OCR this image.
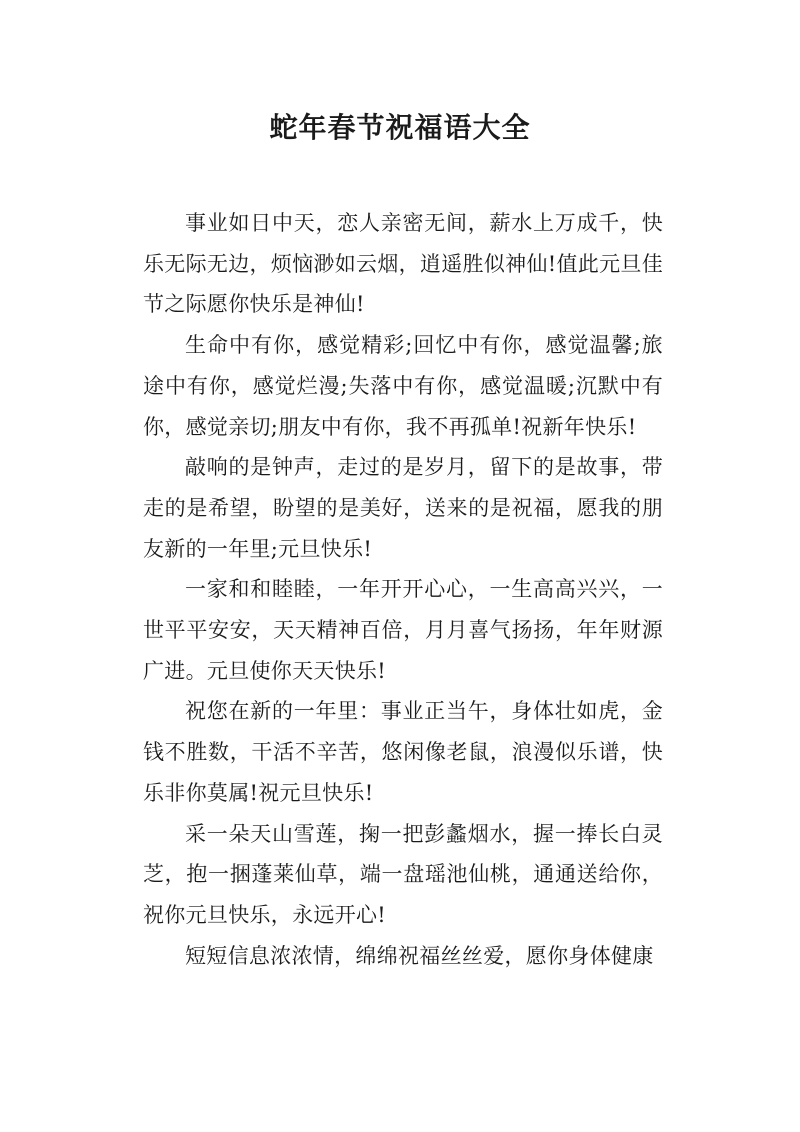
蛇年春节祝福语大全

事业如日中天，恋人亲密无间，薪水上万成千，快乐无际无边，烦恼渺如云烟，逍遥胜似神仙!值此元旦佳节之际愿你快乐是神仙!

生命中有你，感觉精彩;回忆中有你，感觉温馨;旅途中有你，感觉烂漫;失落中有你，感觉温暖;沉默中有你，感觉亲切;朋友中有你，我不再孤单!祝新年快乐!

敲响的是钟声，走过的是岁月，留下的是故事，带走的是希望，盼望的是美好，送来的是祝福，愿我的朋友新的一年里;元旦快乐!

一家和和睦睦，一年开开心心，一生高高兴兴，一世平平安安，天天精神百倍，月月喜气扬扬，年年财源广进。元旦使你天天快乐!

祝您在新的一年里：事业正当午，身体壮如虎，金钱不胜数，干活不辛苦，悠闲像老鼠，浪漫似乐谱，快乐非你莫属!祝元旦快乐!

采一朵天山雪莲，掬一把彭蠡烟水，握一捧长白灵芝，抱一捆蓬莱仙草，端一盘瑶池仙桃，通通送给你，祝你元旦快乐，永远开心!

短短信息浓浓情，绵绵祝福丝丝爱，愿你身体健康
